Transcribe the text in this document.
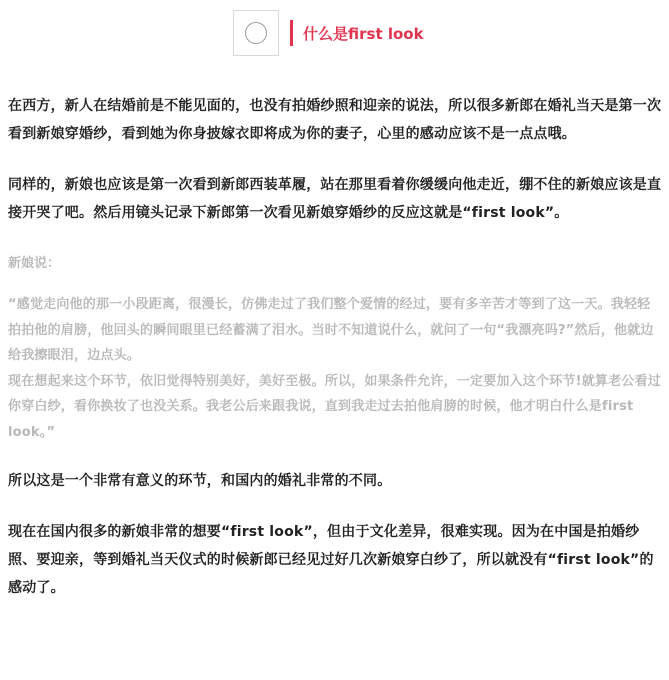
什么是first look

在西方，新人在结婚前是不能见面的，也没有拍婚纱照和迎亲的说法，所以很多新郎在婚礼当天是第一次看到新娘穿婚纱，看到她为你身披嫁衣即将成为你的妻子，心里的感动应该不是一点点哦。

同样的，新娘也应该是第一次看到新郎西装革履，站在那里看着你缓缓向他走近，绷不住的新娘应该是直接开哭了吧。然后用镜头记录下新郎第一次看见新娘穿婚纱的反应这就是“first look”。

新娘说：

“感觉走向他的那一小段距离，很漫长，仿佛走过了我们整个爱情的经过，要有多辛苦才等到了这一天。我轻轻拍拍他的肩膀，他回头的瞬间眼里已经蓄满了泪水。当时不知道说什么，就问了一句“我漂亮吗?”然后，他就边给我擦眼泪，边点头。

现在想起来这个环节，依旧觉得特别美好，美好至极。所以，如果条件允许，一定要加入这个环节!就算老公看过你穿白纱，看你换妆了也没关系。我老公后来跟我说，直到我走过去拍他肩膀的时候，他才明白什么是first look。”

所以这是一个非常有意义的环节，和国内的婚礼非常的不同。

现在在国内很多的新娘非常的想要“first look”，但由于文化差异，很难实现。因为在中国是拍婚纱照、要迎亲，等到婚礼当天仪式的时候新郎已经见过好几次新娘穿白纱了，所以就没有“first look”的感动了。
